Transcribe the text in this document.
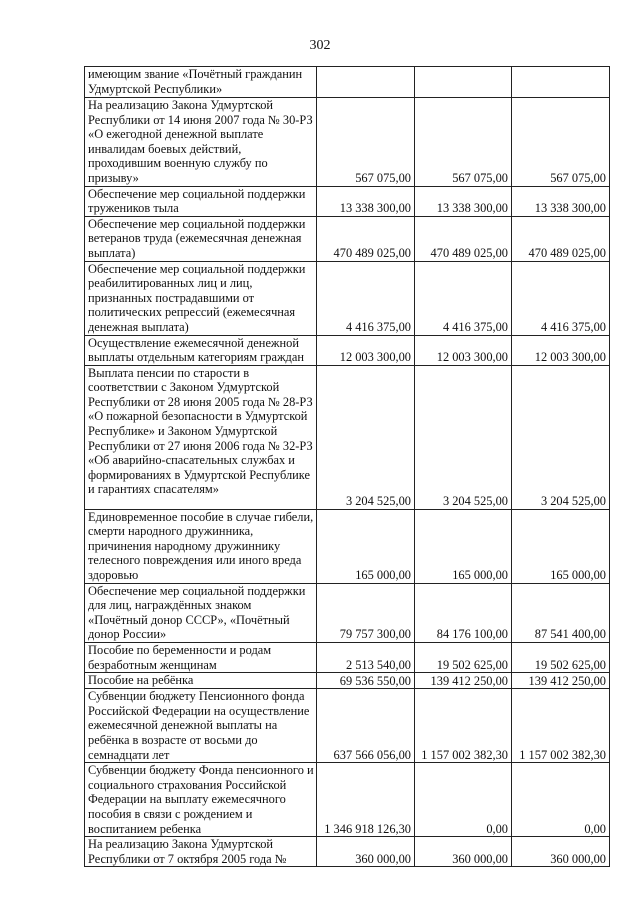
302
имеющим звание «Почётный гражданин Удмуртской Республики»			
На реализацию Закона Удмуртской Республики от 14 июня 2007 года № 30-РЗ «О ежегодной денежной выплате инвалидам боевых действий, проходившим военную службу по призыву»	567 075,00	567 075,00	567 075,00
Обеспечение мер социальной поддержки тружеников тыла	13 338 300,00	13 338 300,00	13 338 300,00
Обеспечение мер социальной поддержки ветеранов труда (ежемесячная денежная выплата)	470 489 025,00	470 489 025,00	470 489 025,00
Обеспечение мер социальной поддержки реабилитированных лиц и лиц, признанных пострадавшими от политических репрессий (ежемесячная денежная выплата)	4 416 375,00	4 416 375,00	4 416 375,00
Осуществление ежемесячной денежной выплаты отдельным категориям граждан	12 003 300,00	12 003 300,00	12 003 300,00
Выплата пенсии по старости в соответствии с Законом Удмуртской Республики от 28 июня 2005 года № 28-РЗ «О пожарной безопасности в Удмуртской Республике» и Законом Удмуртской Республики от 27 июня 2006 года № 32-РЗ «Об аварийно-спасательных службах и формированиях в Удмуртской Республике и гарантиях спасателям»	3 204 525,00	3 204 525,00	3 204 525,00
Единовременное пособие в случае гибели, смерти народного дружинника, причинения народному дружиннику телесного повреждения или иного вреда здоровью	165 000,00	165 000,00	165 000,00
Обеспечение мер социальной поддержки для лиц, награждённых знаком «Почётный донор СССР», «Почётный донор России»	79 757 300,00	84 176 100,00	87 541 400,00
Пособие по беременности и родам безработным женщинам	2 513 540,00	19 502 625,00	19 502 625,00
Пособие на ребёнка	69 536 550,00	139 412 250,00	139 412 250,00
Субвенции бюджету Пенсионного фонда Российской Федерации на осуществление ежемесячной денежной выплаты на ребёнка в возрасте от восьми до семнадцати лет	637 566 056,00	1 157 002 382,30	1 157 002 382,30
Субвенции бюджету Фонда пенсионного и социального страхования Российской Федерации на выплату ежемесячного пособия в связи с рождением и воспитанием ребенка	1 346 918 126,30	0,00	0,00
На реализацию Закона Удмуртской Республики от 7 октября 2005 года №	360 000,00	360 000,00	360 000,00
